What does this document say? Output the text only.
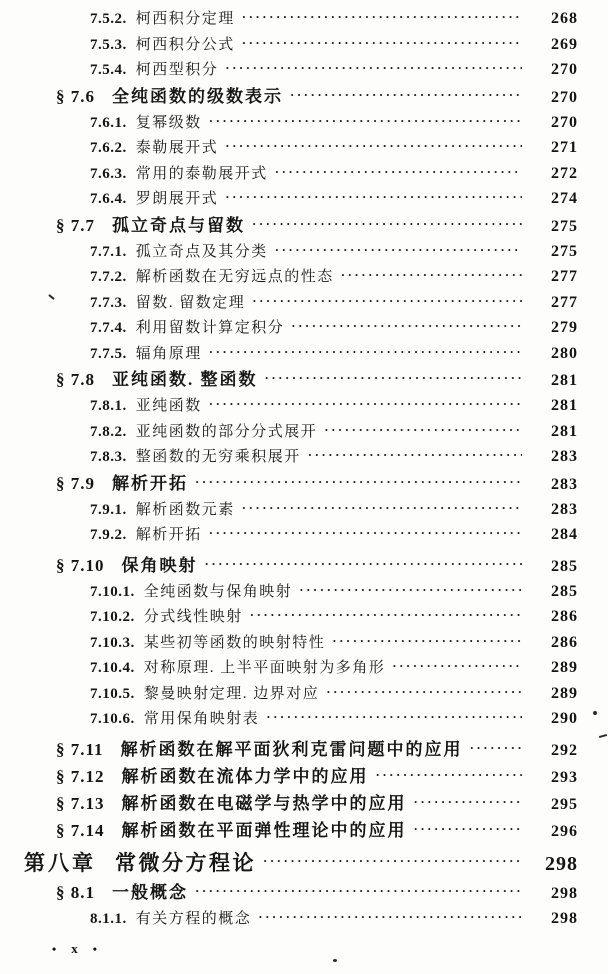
7.5.2. 柯西积分定理 ·····	268
7.5.3. 柯西积分公式 ·····	269
7.5.4. 柯西型积分 ·····	270
§ 7.6 全纯函数的级数表示 ·····	270
7.6.1. 复幂级数 ·····	270
7.6.2. 泰勒展开式 ·····	271
7.6.3. 常用的泰勒展开式 ·····	272
7.6.4. 罗朗展开式 ·····	274
§ 7.7 孤立奇点与留数 ·····	275
7.7.1. 孤立奇点及其分类 ·····	275
7.7.2. 解析函数在无穷远点的性态 ·····	277
7.7.3. 留数. 留数定理 ·····	277
7.7.4. 利用留数计算定积分 ·····	279
7.7.5. 辐角原理 ·····	280
§ 7.8 亚纯函数. 整函数 ·····	281
7.8.1. 亚纯函数 ·····	281
7.8.2. 亚纯函数的部分分式展开 ·····	281
7.8.3. 整函数的无穷乘积展开 ·····	283
§ 7.9 解析开拓 ·····	283
7.9.1. 解析函数元素 ·····	283
7.9.2. 解析开拓 ·····	284
§ 7.10 保角映射 ·····	285
7.10.1. 全纯函数与保角映射 ·····	285
7.10.2. 分式线性映射 ·····	286
7.10.3. 某些初等函数的映射特性 ·····	286
7.10.4. 对称原理. 上半平面映射为多角形 ·····	289
7.10.5. 黎曼映射定理. 边界对应 ·····	289
7.10.6. 常用保角映射表 ·····	290
§ 7.11 解析函数在解平面狄利克雷问题中的应用 ·····	292
§ 7.12 解析函数在流体力学中的应用 ·····	293
§ 7.13 解析函数在电磁学与热学中的应用 ·····	295
§ 7.14 解析函数在平面弹性理论中的应用 ·····	296
第八章 常微分方程论 ·····	298
§ 8.1 一般概念 ·····	298
8.1.1. 有关方程的概念 ·····	298
• x •
